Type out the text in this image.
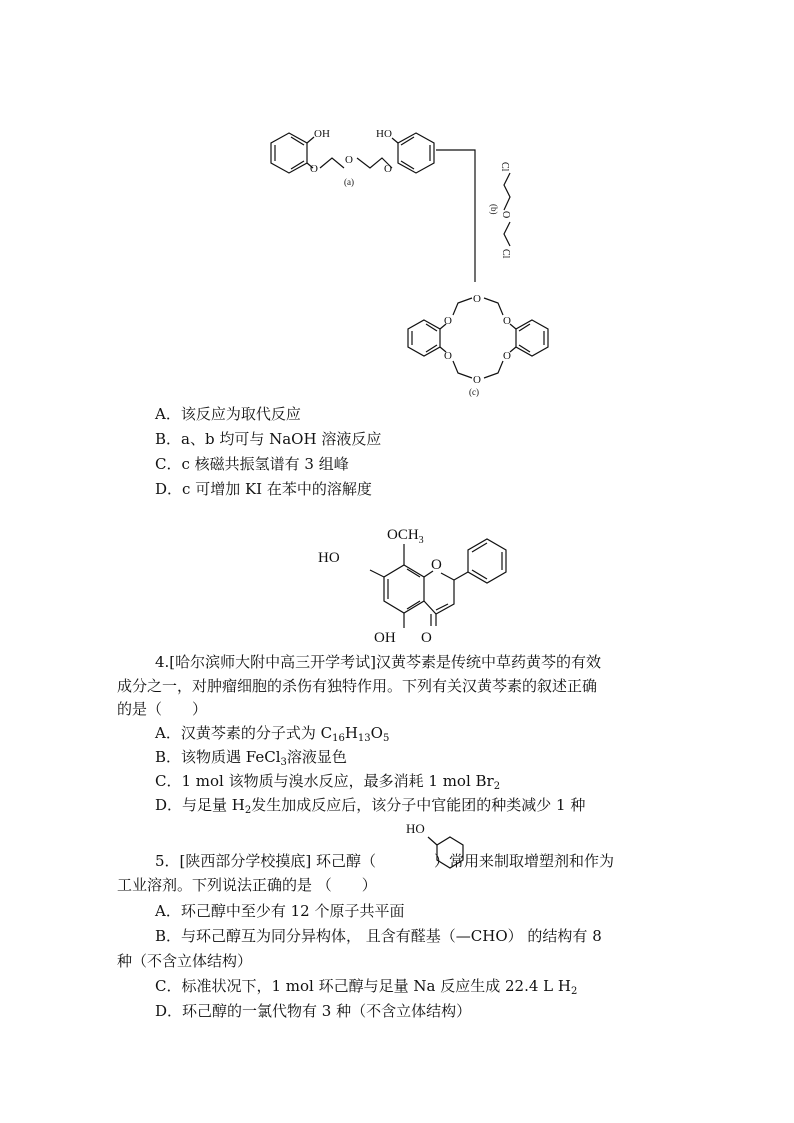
OH	HO
O
O
O
(a)
Cl
O
Cl
(b)
O
O
O
O
O
O
(c)
A．该反应为取代反应
B．a、b 均可与 NaOH 溶液反应
C．c 核磁共振氢谱有 3 组峰
D．c 可增加 KI 在苯中的溶解度
$OCH_3$
HO	O
OH O
4.[哈尔滨师大附中高三开学考试]汉黄芩素是传统中草药黄芩的有效
成分之一，对肿瘤细胞的杀伤有独特作用。下列有关汉黄芩素的叙述正确
的是（　　）
A．汉黄芩素的分子式为 $C_{16}H_{13}O_5$
B．该物质遇 FeCl$_3$溶液显色
C．1 mol 该物质与溴水反应，最多消耗 1 mol $Br_2$
D．与足量 $H_2$发生加成反应后，该分子中官能团的种类减少 1 种
5．[陕西部分学校摸底] 环己醇（	）常用来制取增塑剂和作为
HO
工业溶剂。下列说法正确的是 （　　）
A．环己醇中至少有 12 个原子共平面
B．与环己醇互为同分异构体， 且含有醛基（—CHO） 的结构有 8
种（不含立体结构）
C．标准状况下，1 mol 环己醇与足量 Na 反应生成 22.4 L $H_2$
D．环己醇的一氯代物有 3 种（不含立体结构）
